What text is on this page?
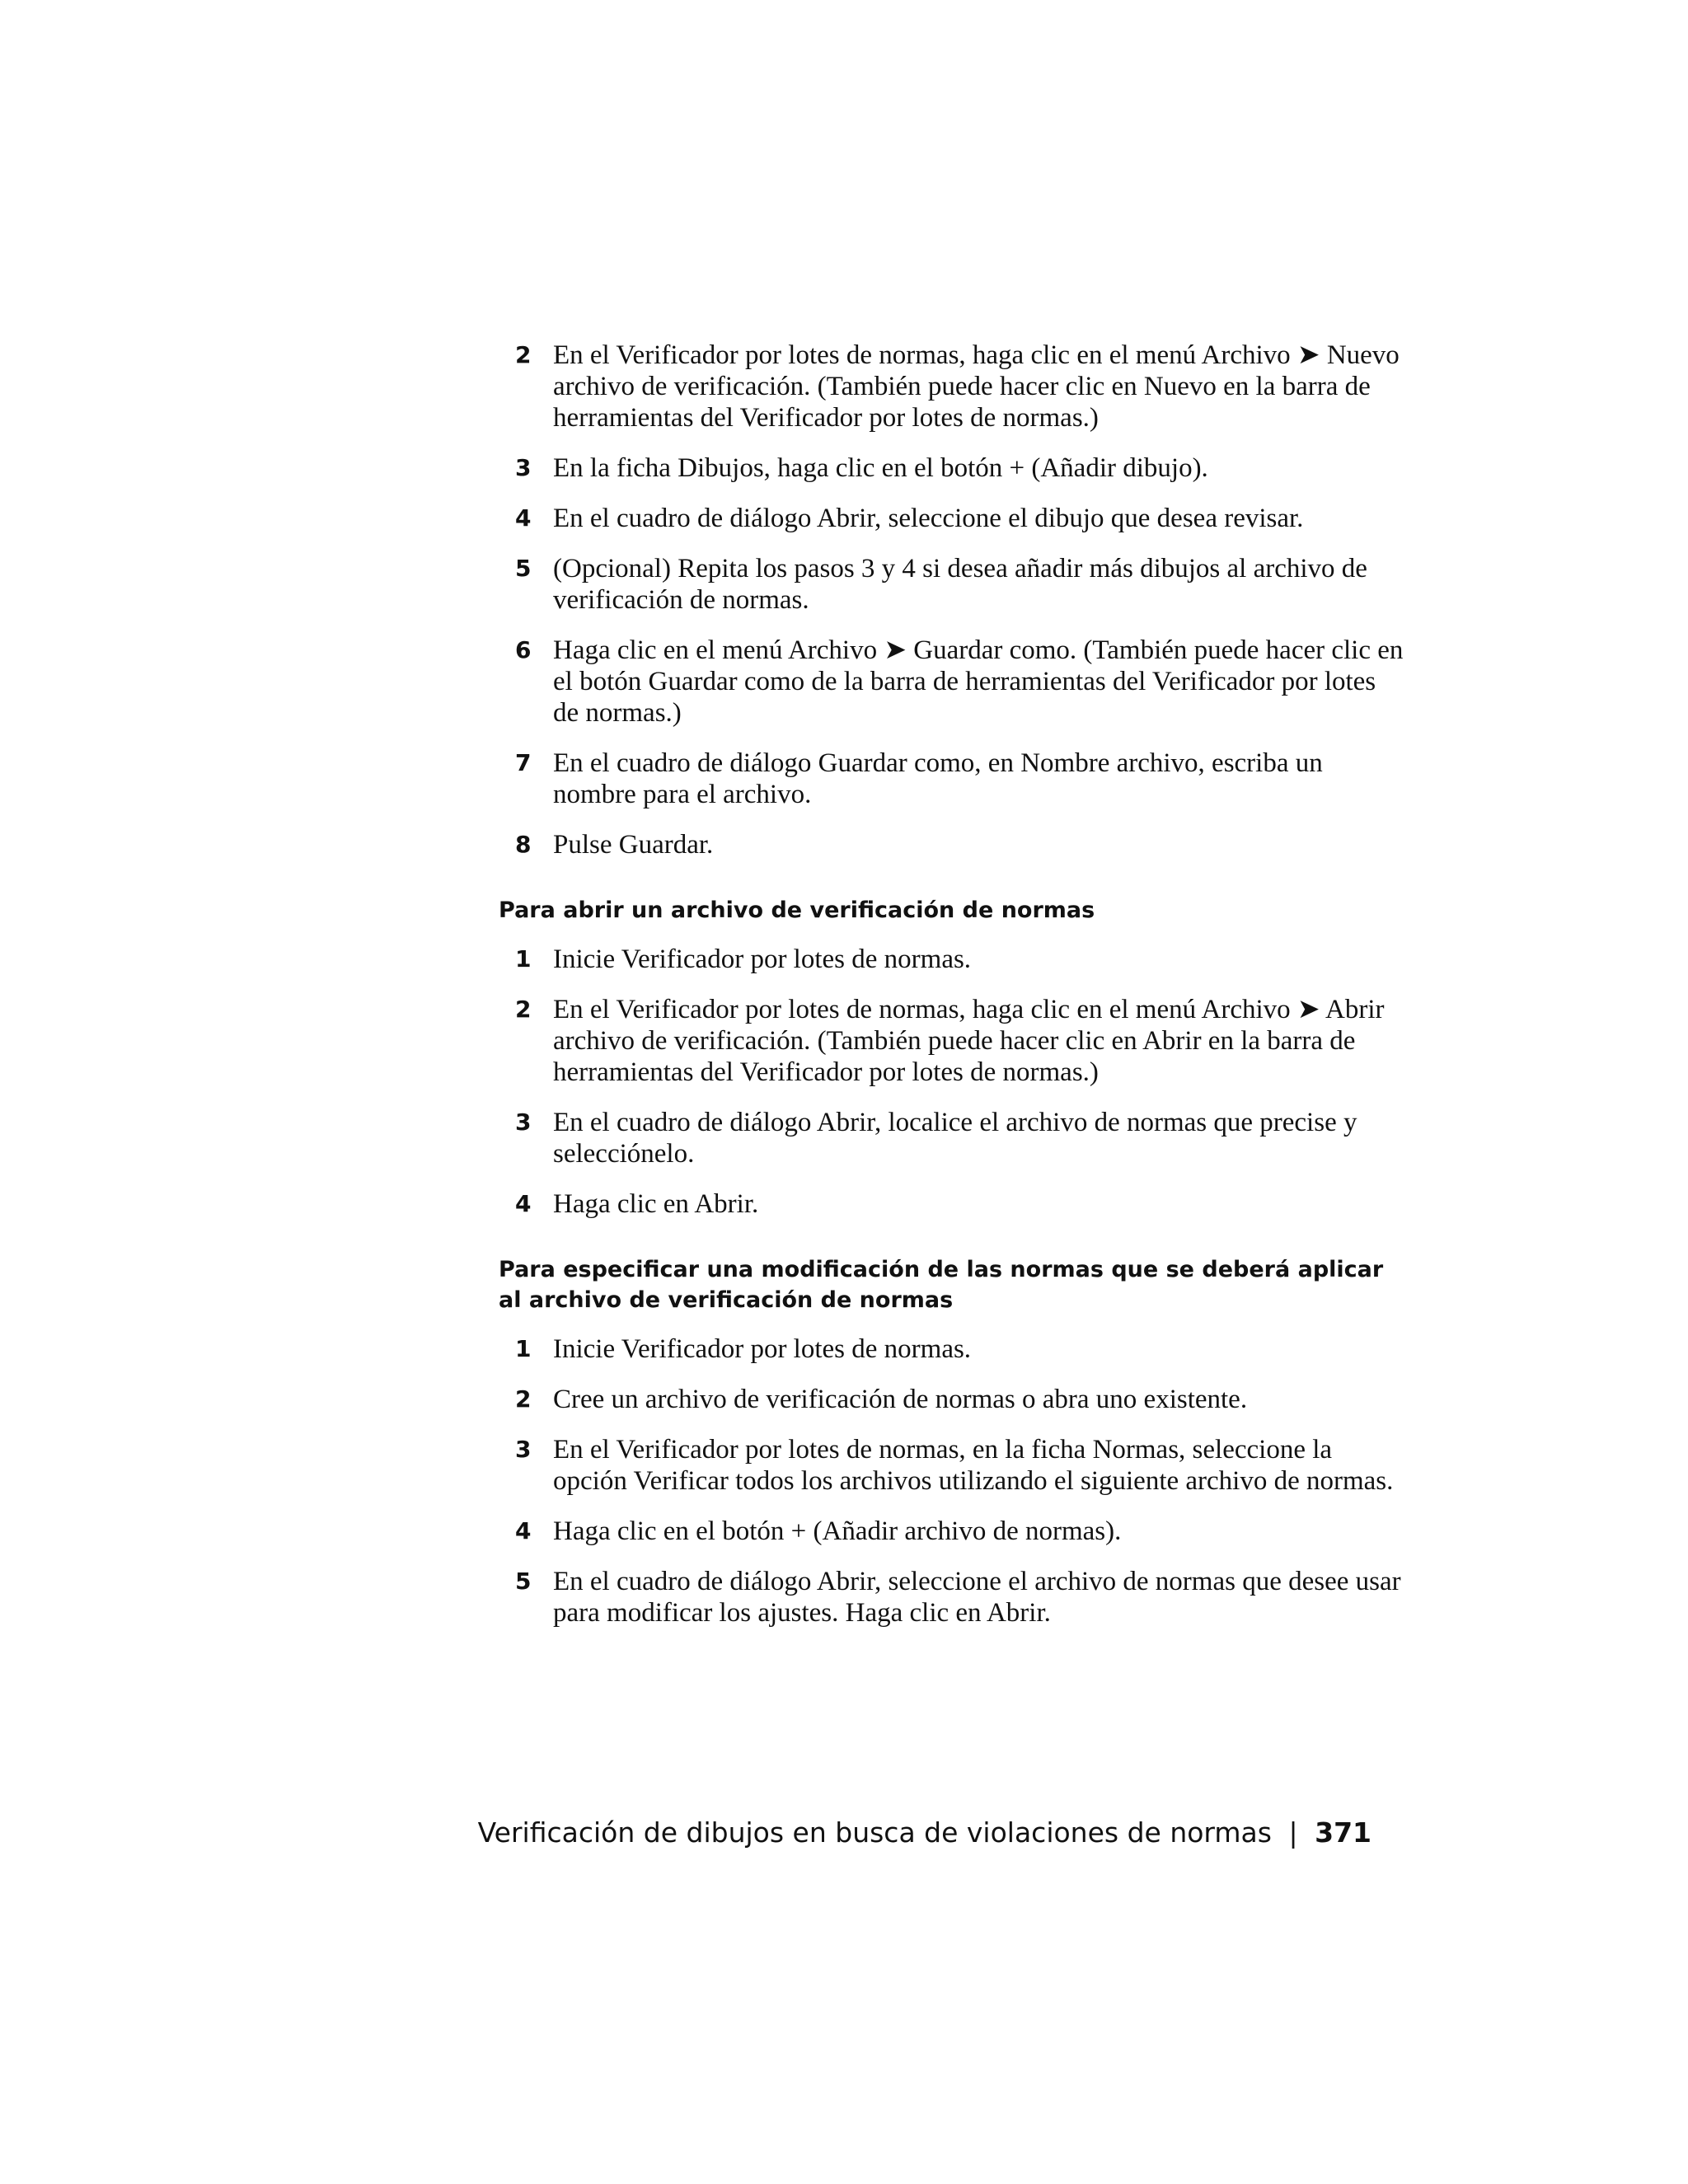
2 En el Verificador por lotes de normas, haga clic en el menú Archivo ➤ Nuevo archivo de verificación. (También puede hacer clic en Nuevo en la barra de herramientas del Verificador por lotes de normas.)
3 En la ficha Dibujos, haga clic en el botón + (Añadir dibujo).
4 En el cuadro de diálogo Abrir, seleccione el dibujo que desea revisar.
5 (Opcional) Repita los pasos 3 y 4 si desea añadir más dibujos al archivo de verificación de normas.
6 Haga clic en el menú Archivo ➤ Guardar como. (También puede hacer clic en el botón Guardar como de la barra de herramientas del Verificador por lotes de normas.)
7 En el cuadro de diálogo Guardar como, en Nombre archivo, escriba un nombre para el archivo.
8 Pulse Guardar.
Para abrir un archivo de verificación de normas
1 Inicie Verificador por lotes de normas.
2 En el Verificador por lotes de normas, haga clic en el menú Archivo ➤ Abrir archivo de verificación. (También puede hacer clic en Abrir en la barra de herramientas del Verificador por lotes de normas.)
3 En el cuadro de diálogo Abrir, localice el archivo de normas que precise y selecciónelo.
4 Haga clic en Abrir.
Para especificar una modificación de las normas que se deberá aplicar al archivo de verificación de normas
1 Inicie Verificador por lotes de normas.
2 Cree un archivo de verificación de normas o abra uno existente.
3 En el Verificador por lotes de normas, en la ficha Normas, seleccione la opción Verificar todos los archivos utilizando el siguiente archivo de normas.
4 Haga clic en el botón + (Añadir archivo de normas).
5 En el cuadro de diálogo Abrir, seleccione el archivo de normas que desee usar para modificar los ajustes. Haga clic en Abrir.
Verificación de dibujos en busca de violaciones de normas | 371
